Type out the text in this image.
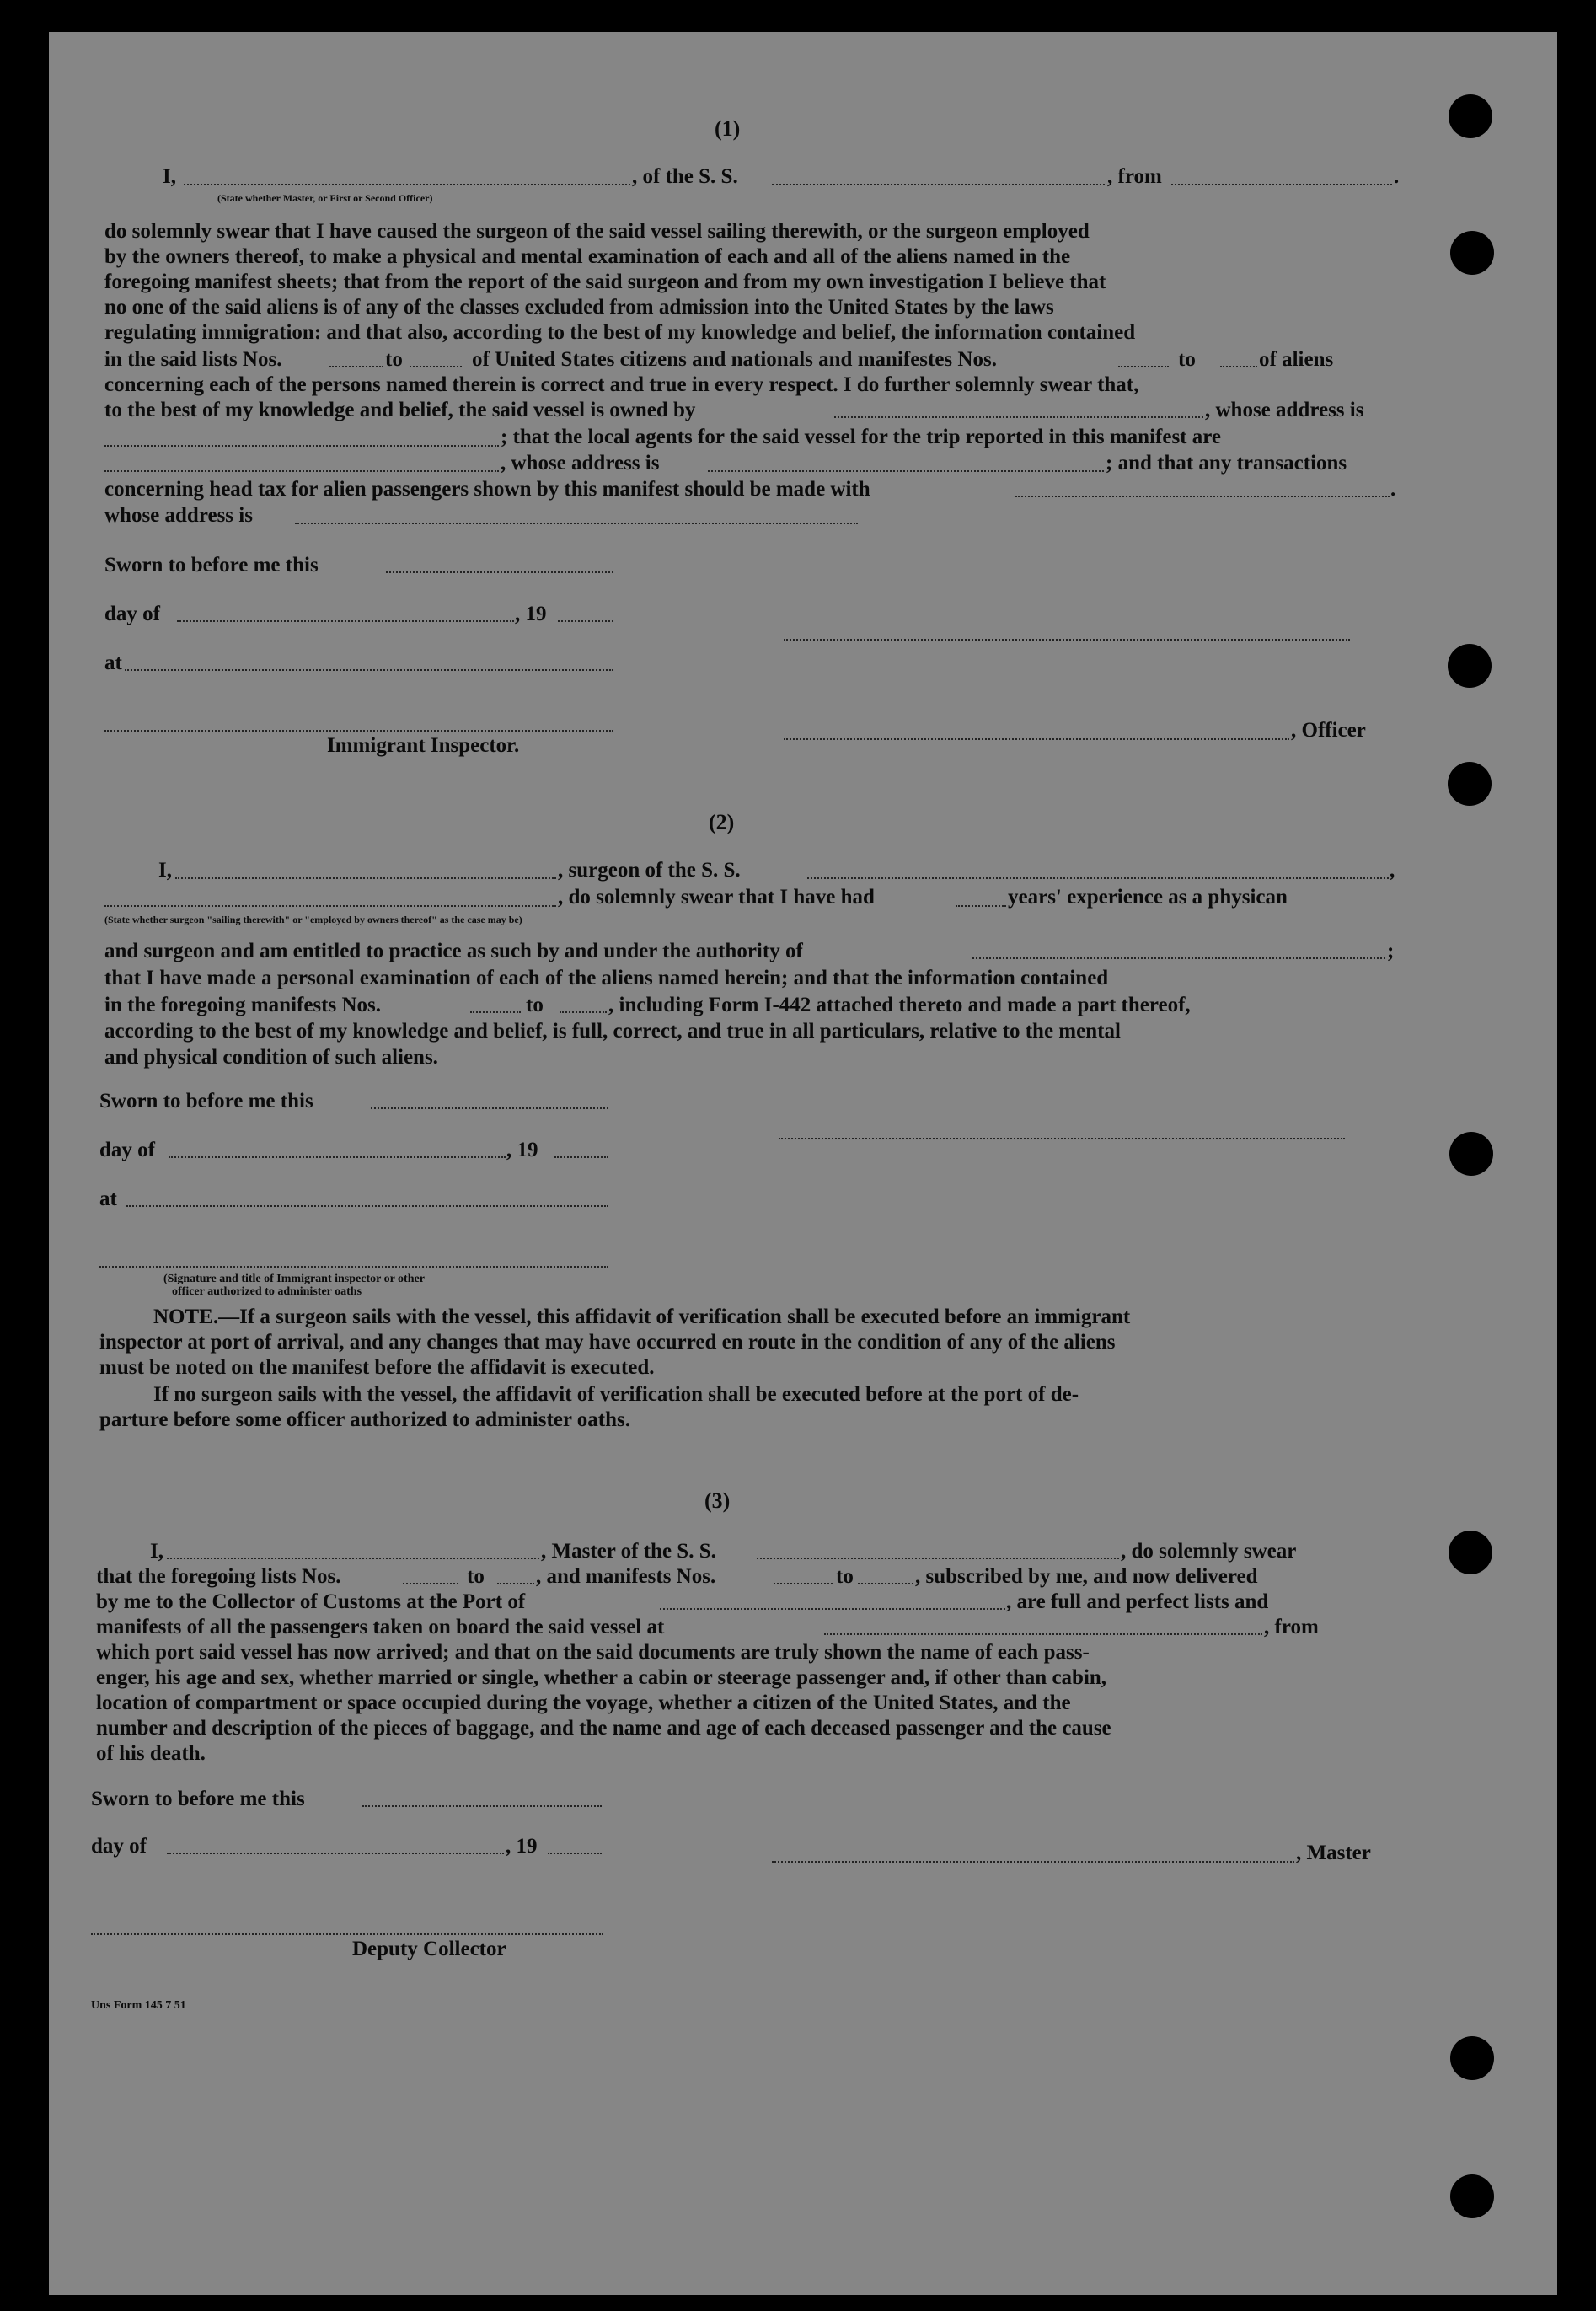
(1)
I,	, of the S. S.	, from	.
(State whether Master, or First or Second Officer)
do solemnly swear that I have caused the surgeon of the said vessel sailing therewith, or the surgeon employed
by the owners thereof, to make a physical and mental examination of each and all of the aliens named in the
foregoing manifest sheets; that from the report of the said surgeon and from my own investigation I believe that
no one of the said aliens is of any of the classes excluded from admission into the United States by the laws
regulating immigration: and that also, according to the best of my knowledge and belief, the information contained
in the said lists Nos.	to	of United States citizens and nationals and manifestes Nos.	to	of aliens
concerning each of the persons named therein is correct and true in every respect. I do further solemnly swear that,
to the best of my knowledge and belief, the said vessel is owned by	, whose address is
; that the local agents for the said vessel for the trip reported in this manifest are
, whose address is	; and that any transactions
concerning head tax for alien passengers shown by this manifest should be made with	.
whose address is
Sworn to before me this
day of	, 19
at
, Officer
Immigrant Inspector.
(2)
I,	, surgeon of the S. S.	,
, do solemnly swear that I have had	years' experience as a physican
(State whether surgeon "sailing therewith" or "employed by owners thereof" as the case may be)
and surgeon and am entitled to practice as such by and under the authority of	;
that I have made a personal examination of each of the aliens named herein; and that the information contained
in the foregoing manifests Nos.	to	, including Form I-442 attached thereto and made a part thereof,
according to the best of my knowledge and belief, is full, correct, and true in all particulars, relative to the mental
and physical condition of such aliens.
Sworn to before me this
day of	, 19
at
(Signature and title of Immigrant inspector or other
officer authorized to administer oaths
NOTE.—If a surgeon sails with the vessel, this affidavit of verification shall be executed before an immigrant
inspector at port of arrival, and any changes that may have occurred en route in the condition of any of the aliens
must be noted on the manifest before the affidavit is executed.
If no surgeon sails with the vessel, the affidavit of verification shall be executed before at the port of de-
parture before some officer authorized to administer oaths.
(3)
I,	, Master of the S. S.	, do solemnly swear
that the foregoing lists Nos.	to , and manifests Nos.	to	, subscribed by me, and now delivered
by me to the Collector of Customs at the Port of	, are full and perfect lists and
manifests of all the passengers taken on board the said vessel at	, from
which port said vessel has now arrived; and that on the said documents are truly shown the name of each pass-
enger, his age and sex, whether married or single, whether a cabin or steerage passenger and, if other than cabin,
location of compartment or space occupied during the voyage, whether a citizen of the United States, and the
number and description of the pieces of baggage, and the name and age of each deceased passenger and the cause
of his death.
Sworn to before me this
day of	, 19	, Master
Deputy Collector
Uns Form 145 7 51
